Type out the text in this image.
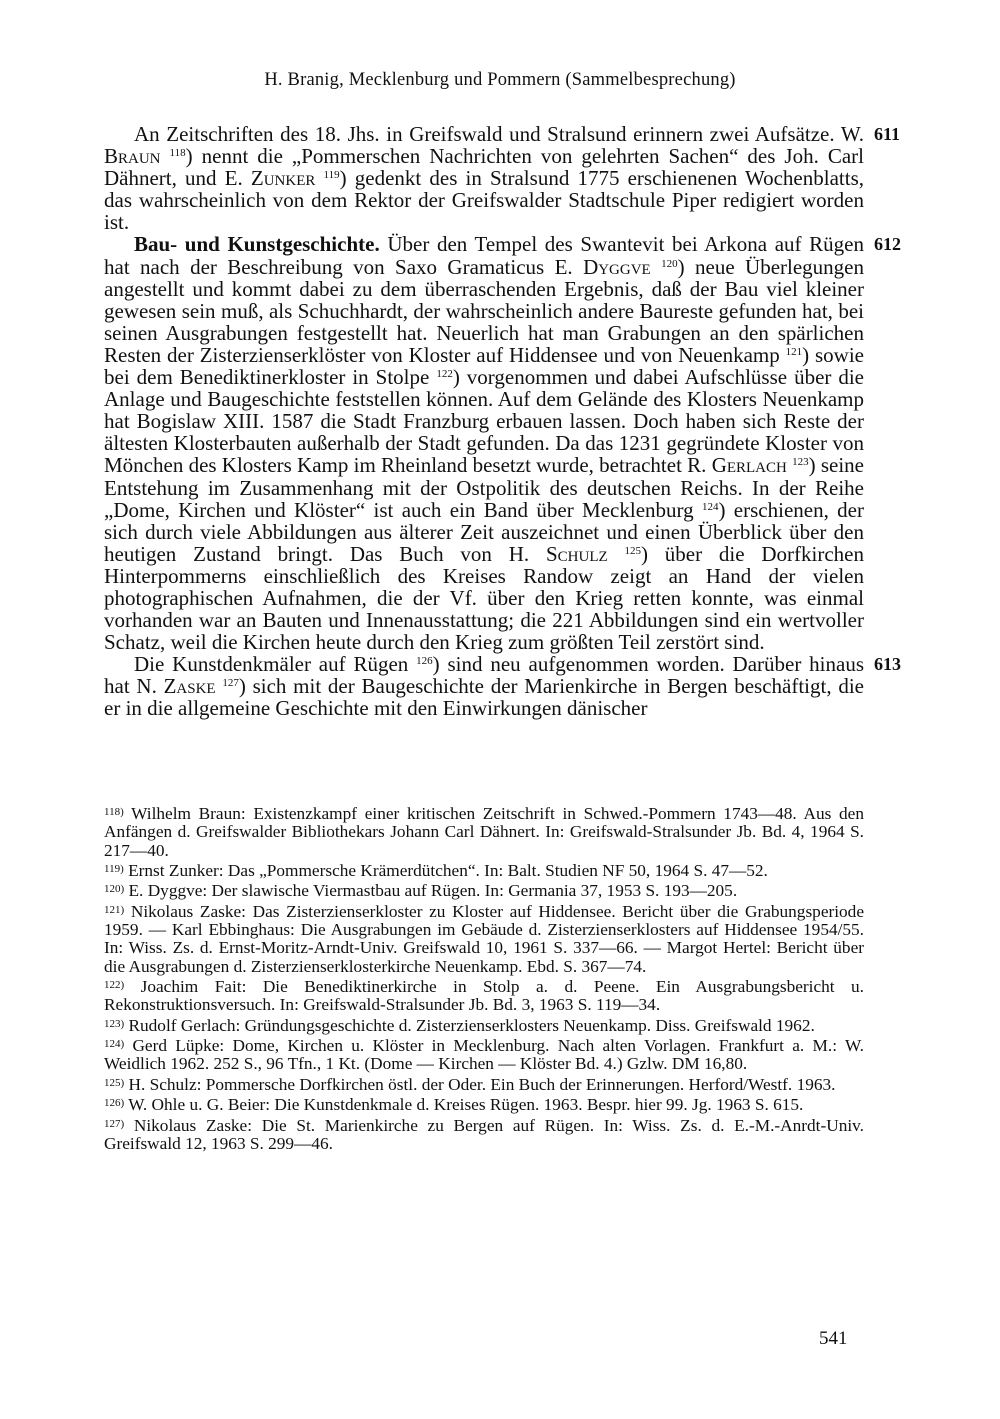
H. Branig, Mecklenburg und Pommern (Sammelbesprechung)

611
An Zeitschriften des 18. Jhs. in Greifswald und Stralsund erinnern zwei Aufsätze. W. Braun $^{118}$) nennt die „Pommerschen Nachrichten von gelehrten Sachen“ des Joh. Carl Dähnert, und E. Zunker $^{119}$) gedenkt des in Stralsund 1775 erschienenen Wochenblatts, das wahrscheinlich von dem Rektor der Greifswalder Stadtschule Piper redigiert worden ist.

612
Bau- und Kunstgeschichte. Über den Tempel des Swantevit bei Arkona auf Rügen hat nach der Beschreibung von Saxo Gramaticus E. Dyggve $^{120}$) neue Überlegungen angestellt und kommt dabei zu dem überraschenden Ergebnis, daß der Bau viel kleiner gewesen sein muß, als Schuchhardt, der wahrscheinlich andere Baureste gefunden hat, bei seinen Ausgrabungen festgestellt hat. Neuerlich hat man Grabungen an den spärlichen Resten der Zisterzienserklöster von Kloster auf Hiddensee und von Neuenkamp $^{121}$) sowie bei dem Benediktinerkloster in Stolpe $^{122}$) vorgenommen und dabei Aufschlüsse über die Anlage und Baugeschichte feststellen können. Auf dem Gelände des Klosters Neuenkamp hat Bogislaw XIII. 1587 die Stadt Franzburg erbauen lassen. Doch haben sich Reste der ältesten Klosterbauten außerhalb der Stadt gefunden. Da das 1231 gegründete Kloster von Mönchen des Klosters Kamp im Rheinland besetzt wurde, betrachtet R. Gerlach $^{123}$) seine Entstehung im Zusammenhang mit der Ostpolitik des deutschen Reichs. In der Reihe „Dome, Kirchen und Klöster“ ist auch ein Band über Mecklenburg $^{124}$) erschienen, der sich durch viele Abbildungen aus älterer Zeit auszeichnet und einen Überblick über den heutigen Zustand bringt. Das Buch von H. Schulz $^{125}$) über die Dorfkirchen Hinterpommerns einschließlich des Kreises Randow zeigt an Hand der vielen photographischen Aufnahmen, die der Vf. über den Krieg retten konnte, was einmal vorhanden war an Bauten und Innenausstattung; die 221 Abbildungen sind ein wertvoller Schatz, weil die Kirchen heute durch den Krieg zum größten Teil zerstört sind.

613
Die Kunstdenkmäler auf Rügen $^{126}$) sind neu aufgenommen worden. Darüber hinaus hat N. Zaske $^{127}$) sich mit der Baugeschichte der Marienkirche in Bergen beschäftigt, die er in die allgemeine Geschichte mit den Einwirkungen dänischer

$^{118)}$ Wilhelm Braun: Existenzkampf einer kritischen Zeitschrift in Schwed.-Pommern 1743—48. Aus den Anfängen d. Greifswalder Bibliothekars Johann Carl Dähnert. In: Greifswald-Stralsunder Jb. Bd. 4, 1964 S. 217—40.

$^{119)}$ Ernst Zunker: Das „Pommersche Krämerdütchen“. In: Balt. Studien NF 50, 1964 S. 47—52.

$^{120)}$ E. Dyggve: Der slawische Viermastbau auf Rügen. In: Germania 37, 1953 S. 193—205.

$^{121)}$ Nikolaus Zaske: Das Zisterzienserkloster zu Kloster auf Hiddensee. Bericht über die Grabungsperiode 1959. — Karl Ebbinghaus: Die Ausgrabungen im Gebäude d. Zisterzienserklosters auf Hiddensee 1954/55. In: Wiss. Zs. d. Ernst-Moritz-Arndt-Univ. Greifswald 10, 1961 S. 337—66. — Margot Hertel: Bericht über die Ausgrabungen d. Zisterzienserklosterkirche Neuenkamp. Ebd. S. 367—74.

$^{122)}$ Joachim Fait: Die Benediktinerkirche in Stolp a. d. Peene. Ein Ausgrabungsbericht u. Rekonstruktionsversuch. In: Greifswald-Stralsunder Jb. Bd. 3, 1963 S. 119—34.

$^{123)}$ Rudolf Gerlach: Gründungsgeschichte d. Zisterzienserklosters Neuenkamp. Diss. Greifswald 1962.

$^{124)}$ Gerd Lüpke: Dome, Kirchen u. Klöster in Mecklenburg. Nach alten Vorlagen. Frankfurt a. M.: W. Weidlich 1962. 252 S., 96 Tfn., 1 Kt. (Dome — Kirchen — Klöster Bd. 4.) Gzlw. DM 16,80.

$^{125)}$ H. Schulz: Pommersche Dorfkirchen östl. der Oder. Ein Buch der Erinnerungen. Herford/Westf. 1963.

$^{126)}$ W. Ohle u. G. Beier: Die Kunstdenkmale d. Kreises Rügen. 1963. Bespr. hier 99. Jg. 1963 S. 615.

$^{127)}$ Nikolaus Zaske: Die St. Marienkirche zu Bergen auf Rügen. In: Wiss. Zs. d. E.-M.-Anrdt-Univ. Greifswald 12, 1963 S. 299—46.

541
